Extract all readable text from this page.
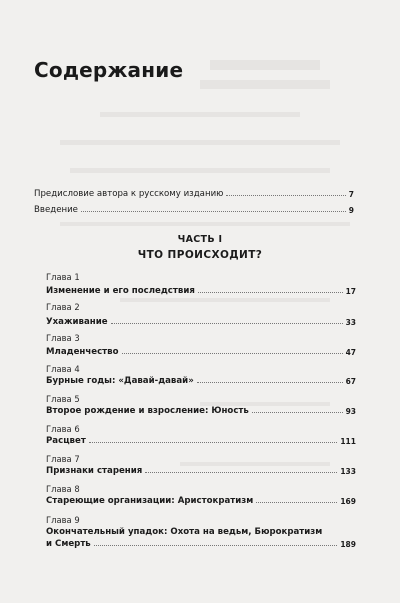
Содержание
Предисловие автора к русскому изданию	7
Введение	9
ЧАСТЬ I
ЧТО ПРОИСХОДИТ?
Глава 1
Изменение и его последствия	17
Глава 2
Ухаживание	33
Глава 3
Младенчество	47
Глава 4
Бурные годы: «Давай-давай»	67
Глава 5
Второе рождение и взросление: Юность	93
Глава 6
Расцвет	111
Глава 7
Признаки старения	133
Глава 8
Стареющие организации: Аристократизм	169
Глава 9
Окончательный упадок: Охота на ведьм, Бюрократизм
и Смерть	189
